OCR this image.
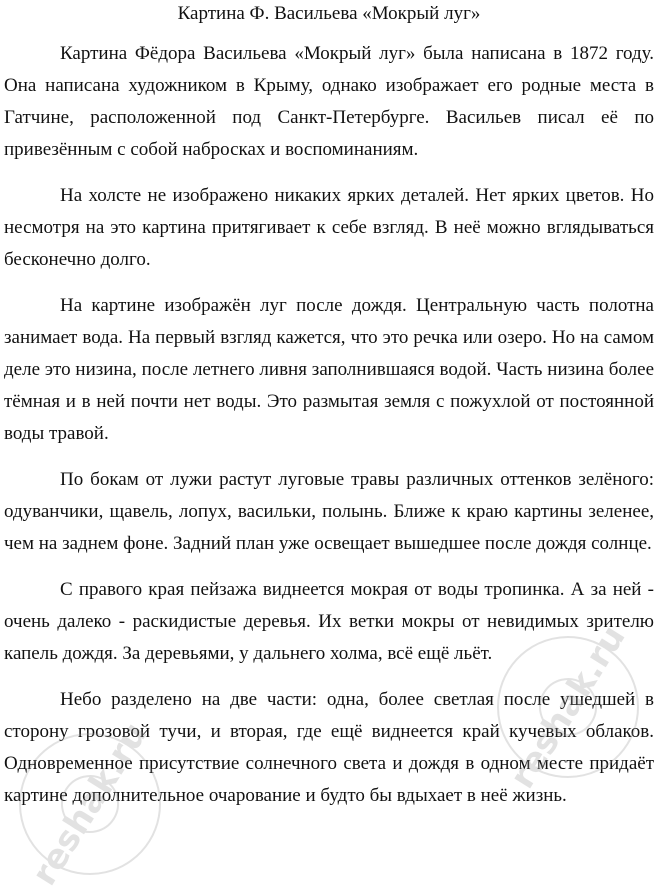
Картина Ф. Васильева «Мокрый луг»

Картина Фёдора Васильева «Мокрый луг» была написана в 1872 году. Она написана художником в Крыму, однако изображает его родные места в Гатчине, расположенной под Санкт-Петербурге. Васильев писал её по привезённым с собой набросках и воспоминаниям.

На холсте не изображено никаких ярких деталей. Нет ярких цветов. Но несмотря на это картина притягивает к себе взгляд. В неё можно вглядываться бесконечно долго.

На картине изображён луг после дождя. Центральную часть полотна занимает вода. На первый взгляд кажется, что это речка или озеро. Но на самом деле это низина, после летнего ливня заполнившаяся водой. Часть низина более тёмная и в ней почти нет воды. Это размытая земля с пожухлой от постоянной воды травой.

По бокам от лужи растут луговые травы различных оттенков зелёного: одуванчики, щавель, лопух, васильки, полынь. Ближе к краю картины зеленее, чем на заднем фоне. Задний план уже освещает вышедшее после дождя солнце.

С правого края пейзажа виднеется мокрая от воды тропинка. А за ней - очень далеко - раскидистые деревья. Их ветки мокры от невидимых зрителю капель дождя. За деревьями, у дальнего холма, всё ещё льёт.

Небо разделено на две части: одна, более светлая после ушедшей в сторону грозовой тучи, и вторая, где ещё виднеется край кучевых облаков. Одновременное присутствие солнечного света и дождя в одном месте придаёт картине дополнительное очарование и будто бы вдыхает в неё жизнь.

reshak.ru
reshak.ru
